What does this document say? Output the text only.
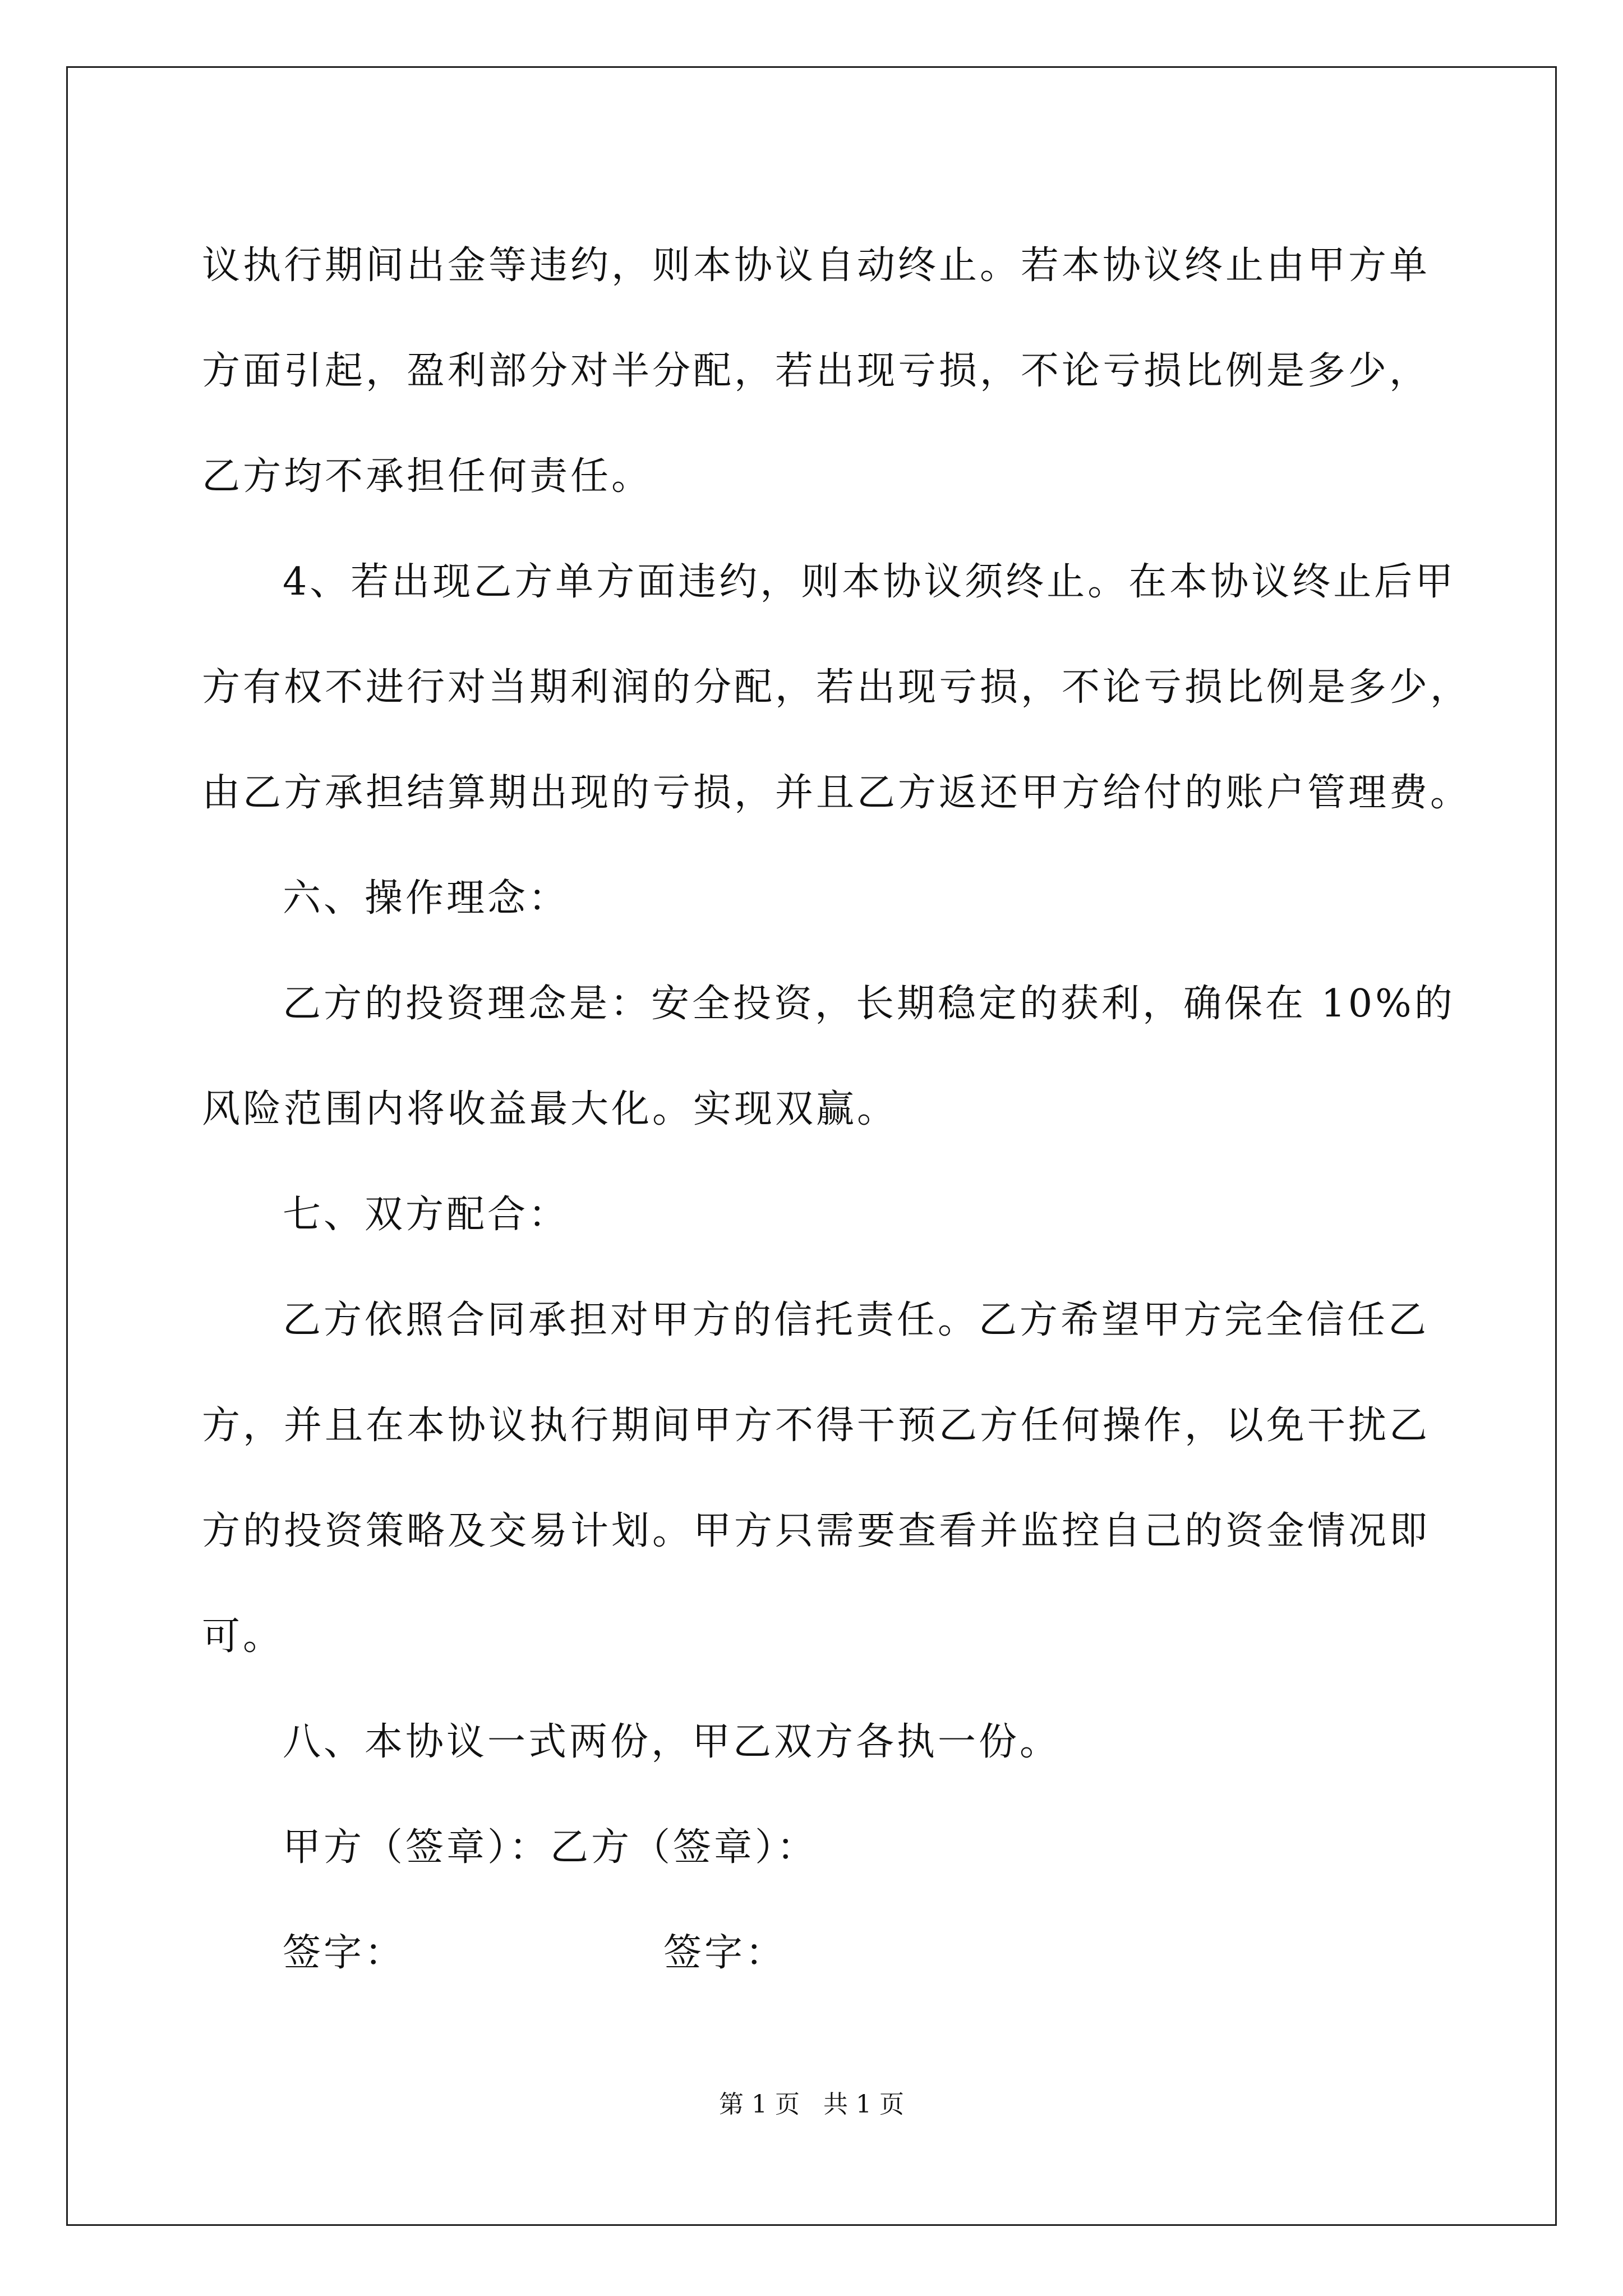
议执行期间出金等违约，则本协议自动终止。若本协议终止由甲方单
方面引起，盈利部分对半分配，若出现亏损，不论亏损比例是多少，
乙方均不承担任何责任。
4、若出现乙方单方面违约，则本协议须终止。在本协议终止后甲
方有权不进行对当期利润的分配，若出现亏损，不论亏损比例是多少，
由乙方承担结算期出现的亏损，并且乙方返还甲方给付的账户管理费。
六、操作理念：
乙方的投资理念是：安全投资，长期稳定的获利，确保在 10%的
风险范围内将收益最大化。实现双赢。
七、双方配合：
乙方依照合同承担对甲方的信托责任。乙方希望甲方完全信任乙
方，并且在本协议执行期间甲方不得干预乙方任何操作，以免干扰乙
方的投资策略及交易计划。甲方只需要查看并监控自己的资金情况即
可。
八、本协议一式两份，甲乙双方各执一份。
甲方（签章）：乙方（签章）：
签字：	签字：
第 1 页   共 1 页
